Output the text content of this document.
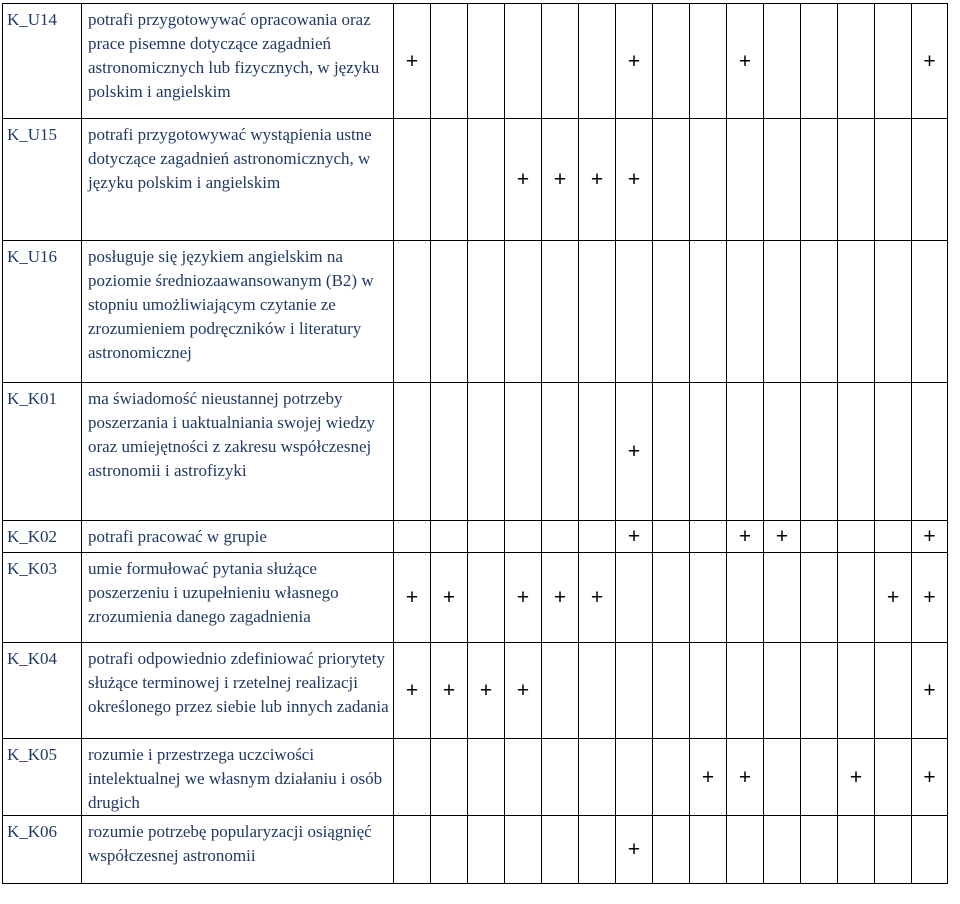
K_U14	potrafi przygotowywać opracowania oraz prace pisemne dotyczące zagadnień astronomicznych lub fizycznych, w języku polskim i angielskim	+						+			+					+
K_U15	potrafi przygotowywać wystąpienia ustne dotyczące zagadnień astronomicznych, w języku polskim i angielskim				+	+	+	+								
K_U16	posługuje się językiem angielskim na poziomie średniozaawansowanym (B2) w stopniu umożliwiającym czytanie ze zrozumieniem podręczników i literatury astronomicznej															
K_K01	ma świadomość nieustannej potrzeby poszerzania i uaktualniania swojej wiedzy oraz umiejętności z zakresu współczesnej astronomii i astrofizyki							+								
K_K02	potrafi pracować w grupie							+			+	+				+
K_K03	umie formułować pytania służące poszerzeniu i uzupełnieniu własnego zrozumienia danego zagadnienia	+	+		+	+	+								+	+
K_K04	potrafi odpowiednio zdefiniować priorytety służące terminowej i rzetelnej realizacji określonego przez siebie lub innych zadania	+	+	+	+											+
K_K05	rozumie i przestrzega uczciwości intelektualnej we własnym działaniu i osób drugich									+	+			+		+
K_K06	rozumie potrzebę popularyzacji osiągnięć współczesnej astronomii							+								
